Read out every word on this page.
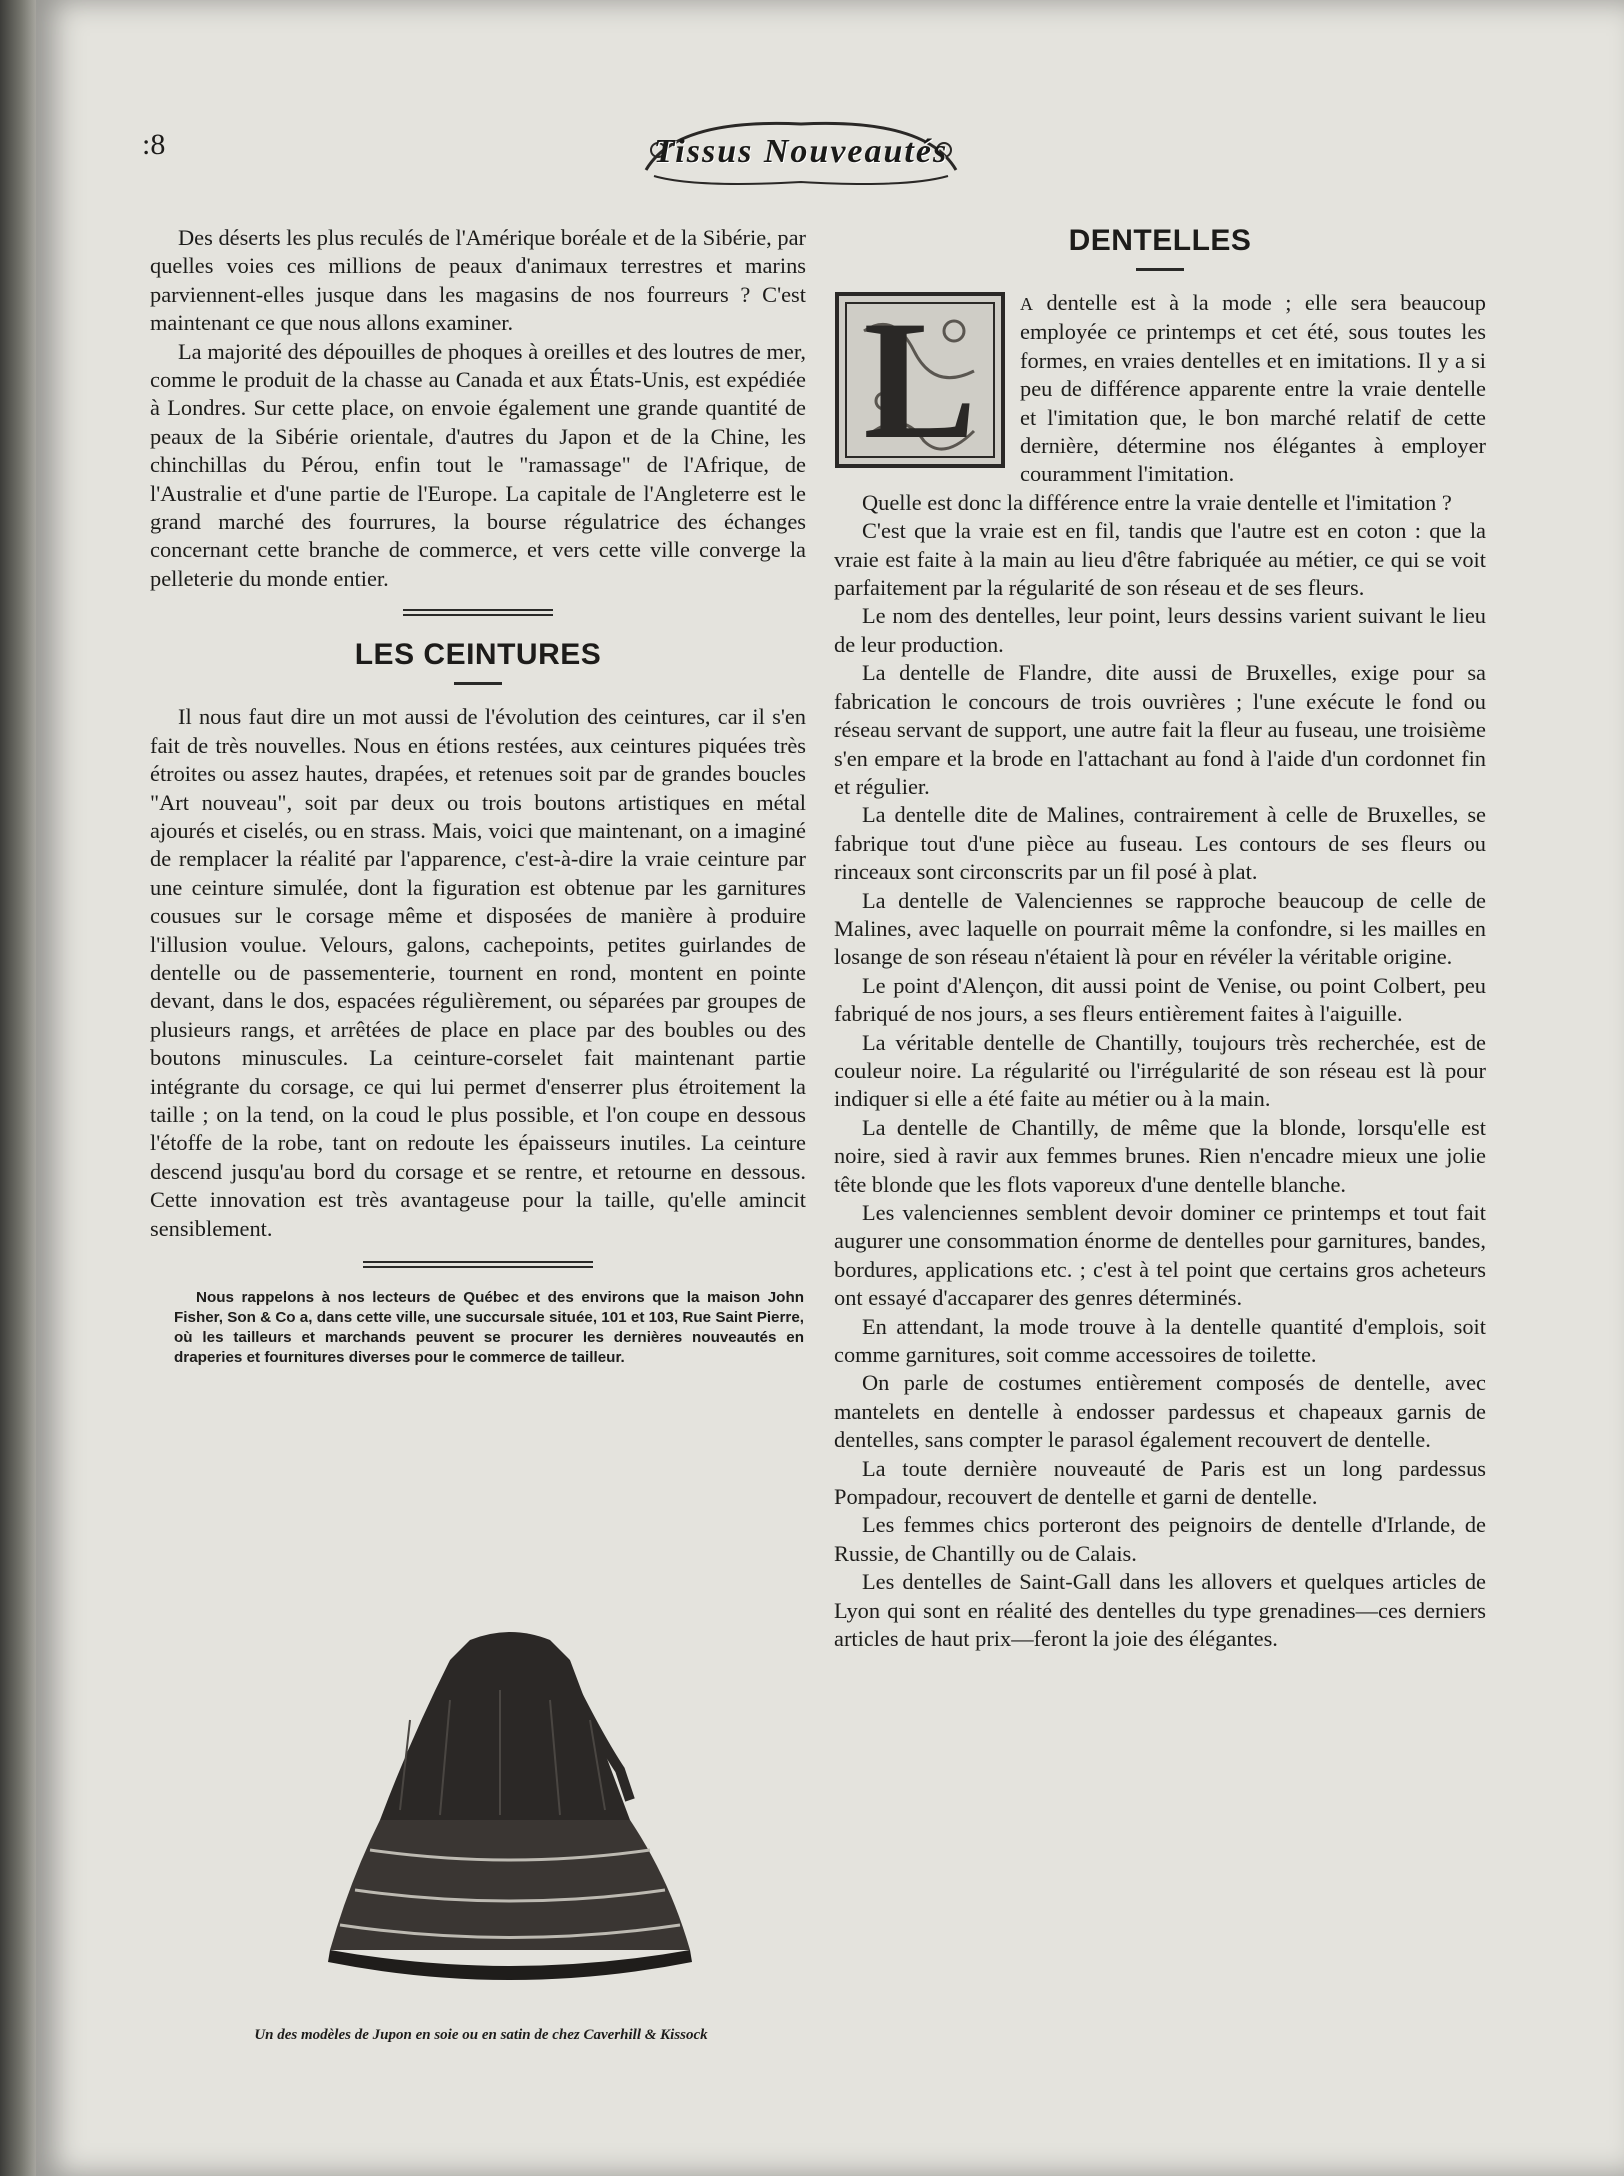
:8	Tissus Nouveautés

Des déserts les plus reculés de l'Amérique boréale et de la Sibérie, par quelles voies ces millions de peaux d'animaux terrestres et marins parviennent-elles jusque dans les magasins de nos fourreurs ? C'est maintenant ce que nous allons examiner.

La majorité des dépouilles de phoques à oreilles et des loutres de mer, comme le produit de la chasse au Canada et aux États-Unis, est expédiée à Londres. Sur cette place, on envoie également une grande quantité de peaux de la Sibérie orientale, d'autres du Japon et de la Chine, les chinchillas du Pérou, enfin tout le "ramassage" de l'Afrique, de l'Australie et d'une partie de l'Europe. La capitale de l'Angleterre est le grand marché des fourrures, la bourse régulatrice des échanges concernant cette branche de commerce, et vers cette ville converge la pelleterie du monde entier.

LES CEINTURES

Il nous faut dire un mot aussi de l'évolution des ceintures, car il s'en fait de très nouvelles. Nous en étions restées, aux ceintures piquées très étroites ou assez hautes, drapées, et retenues soit par de grandes boucles "Art nouveau", soit par deux ou trois boutons artistiques en métal ajourés et ciselés, ou en strass. Mais, voici que maintenant, on a imaginé de remplacer la réalité par l'apparence, c'est-à-dire la vraie ceinture par une ceinture simulée, dont la figuration est obtenue par les garnitures cousues sur le corsage même et disposées de manière à produire l'illusion voulue. Velours, galons, cachepoints, petites guirlandes de dentelle ou de passementerie, tournent en rond, montent en pointe devant, dans le dos, espacées régulièrement, ou séparées par groupes de plusieurs rangs, et arrêtées de place en place par des boubles ou des boutons minuscules. La ceinture-corselet fait maintenant partie intégrante du corsage, ce qui lui permet d'enserrer plus étroitement la taille ; on la tend, on la coud le plus possible, et l'on coupe en dessous l'étoffe de la robe, tant on redoute les épaisseurs inutiles. La ceinture descend jusqu'au bord du corsage et se rentre, et retourne en dessous. Cette innovation est très avantageuse pour la taille, qu'elle amincit sensiblement.

Nous rappelons à nos lecteurs de Québec et des environs que la maison John Fisher, Son & Co a, dans cette ville, une succursale située, 101 et 103, Rue Saint Pierre, où les tailleurs et marchands peuvent se procurer les dernières nouveautés en draperies et fournitures diverses pour le commerce de tailleur.

Un des modèles de Jupon en soie ou en satin de chez Caverhill & Kissock
DENTELLES

L	A dentelle est à la mode ; elle sera beaucoup employée ce printemps et cet été, sous toutes les formes, en vraies dentelles et en imitations. Il y a si peu de différence apparente entre la vraie dentelle et l'imitation que, le bon marché relatif de cette dernière, détermine nos élégantes à employer couramment l'imitation.

Quelle est donc la différence entre la vraie dentelle et l'imitation ?

C'est que la vraie est en fil, tandis que l'autre est en coton : que la vraie est faite à la main au lieu d'être fabriquée au métier, ce qui se voit parfaitement par la régularité de son réseau et de ses fleurs.

Le nom des dentelles, leur point, leurs dessins varient suivant le lieu de leur production.

La dentelle de Flandre, dite aussi de Bruxelles, exige pour sa fabrication le concours de trois ouvrières ; l'une exécute le fond ou réseau servant de support, une autre fait la fleur au fuseau, une troisième s'en empare et la brode en l'attachant au fond à l'aide d'un cordonnet fin et régulier.

La dentelle dite de Malines, contrairement à celle de Bruxelles, se fabrique tout d'une pièce au fuseau. Les contours de ses fleurs ou rinceaux sont circonscrits par un fil posé à plat.

La dentelle de Valenciennes se rapproche beaucoup de celle de Malines, avec laquelle on pourrait même la confondre, si les mailles en losange de son réseau n'étaient là pour en révéler la véritable origine.

Le point d'Alençon, dit aussi point de Venise, ou point Colbert, peu fabriqué de nos jours, a ses fleurs entièrement faites à l'aiguille.

La véritable dentelle de Chantilly, toujours très recherchée, est de couleur noire. La régularité ou l'irrégularité de son réseau est là pour indiquer si elle a été faite au métier ou à la main.

La dentelle de Chantilly, de même que la blonde, lorsqu'elle est noire, sied à ravir aux femmes brunes. Rien n'encadre mieux une jolie tête blonde que les flots vaporeux d'une dentelle blanche.

Les valenciennes semblent devoir dominer ce printemps et tout fait augurer une consommation énorme de dentelles pour garnitures, bandes, bordures, applications etc. ; c'est à tel point que certains gros acheteurs ont essayé d'accaparer des genres déterminés.

En attendant, la mode trouve à la dentelle quantité d'emplois, soit comme garnitures, soit comme accessoires de toilette.

On parle de costumes entièrement composés de dentelle, avec mantelets en dentelle à endosser pardessus et chapeaux garnis de dentelles, sans compter le parasol également recouvert de dentelle.

La toute dernière nouveauté de Paris est un long pardessus Pompadour, recouvert de dentelle et garni de dentelle.

Les femmes chics porteront des peignoirs de dentelle d'Irlande, de Russie, de Chantilly ou de Calais.

Les dentelles de Saint-Gall dans les allovers et quelques articles de Lyon qui sont en réalité des dentelles du type grenadines—ces derniers articles de haut prix—feront la joie des élégantes.
